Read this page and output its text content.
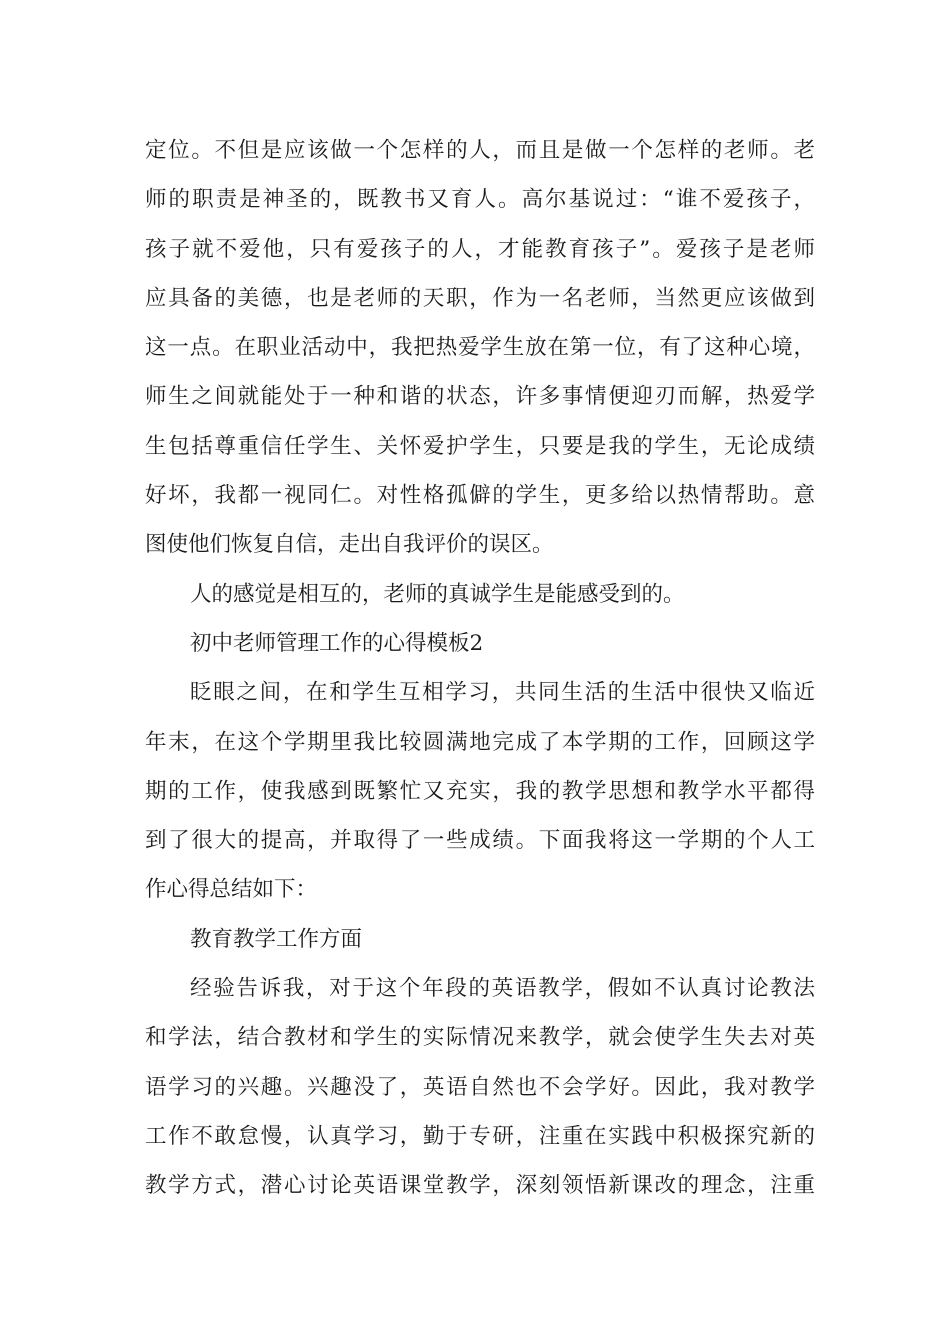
定位。不但是应该做一个怎样的人，而且是做一个怎样的老师。老

师的职责是神圣的，既教书又育人。高尔基说过：“谁不爱孩子，

孩子就不爱他，只有爱孩子的人，才能教育孩子”。爱孩子是老师

应具备的美德，也是老师的天职，作为一名老师，当然更应该做到

这一点。在职业活动中，我把热爱学生放在第一位，有了这种心境，

师生之间就能处于一种和谐的状态，许多事情便迎刃而解，热爱学

生包括尊重信任学生、关怀爱护学生，只要是我的学生，无论成绩

好坏，我都一视同仁。对性格孤僻的学生，更多给以热情帮助。意

图使他们恢复自信，走出自我评价的误区。

人的感觉是相互的，老师的真诚学生是能感受到的。

初中老师管理工作的心得模板2

眨眼之间，在和学生互相学习，共同生活的生活中很快又临近

年末，在这个学期里我比较圆满地完成了本学期的工作，回顾这学

期的工作，使我感到既繁忙又充实，我的教学思想和教学水平都得

到了很大的提高，并取得了一些成绩。下面我将这一学期的个人工

作心得总结如下：

教育教学工作方面

经验告诉我，对于这个年段的英语教学，假如不认真讨论教法

和学法，结合教材和学生的实际情况来教学，就会使学生失去对英

语学习的兴趣。兴趣没了，英语自然也不会学好。因此，我对教学

工作不敢怠慢，认真学习，勤于专研，注重在实践中积极探究新的

教学方式，潜心讨论英语课堂教学，深刻领悟新课改的理念，注重
